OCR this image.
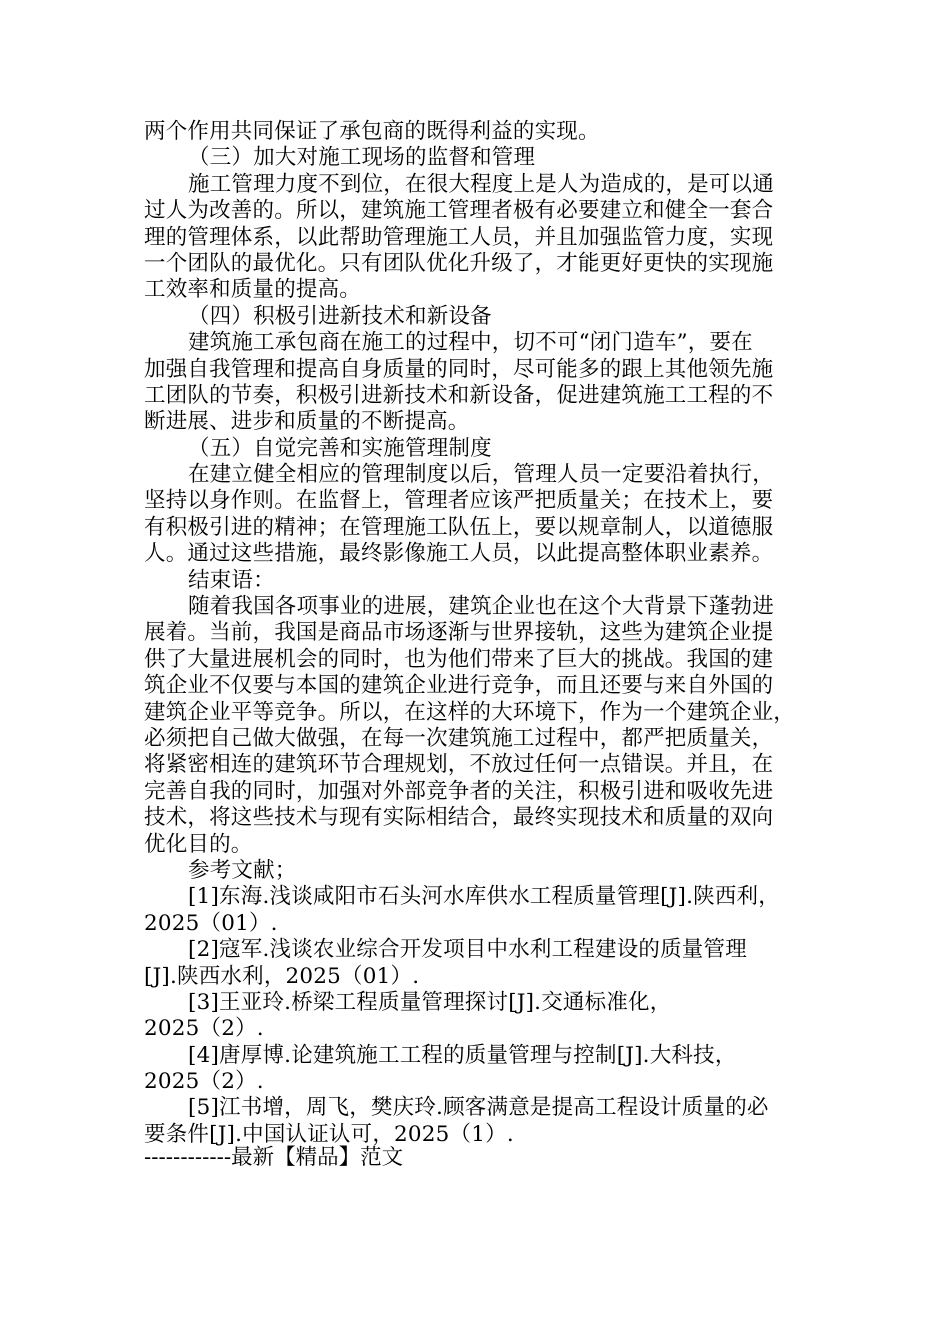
两个作用共同保证了承包商的既得利益的实现。
（三）加大对施工现场的监督和管理
施工管理力度不到位，在很大程度上是人为造成的，是可以通
过人为改善的。所以，建筑施工管理者极有必要建立和健全一套合
理的管理体系，以此帮助管理施工人员，并且加强监管力度，实现
一个团队的最优化。只有团队优化升级了，才能更好更快的实现施
工效率和质量的提高。
（四）积极引进新技术和新设备
建筑施工承包商在施工的过程中，切不可“闭门造车”，要在
加强自我管理和提高自身质量的同时，尽可能多的跟上其他领先施
工团队的节奏，积极引进新技术和新设备，促进建筑施工工程的不
断进展、进步和质量的不断提高。
（五）自觉完善和实施管理制度
在建立健全相应的管理制度以后，管理人员一定要沿着执行，
坚持以身作则。在监督上，管理者应该严把质量关；在技术上，要
有积极引进的精神；在管理施工队伍上，要以规章制人，以道德服
人。通过这些措施，最终影像施工人员，以此提高整体职业素养。
结束语：
随着我国各项事业的进展，建筑企业也在这个大背景下蓬勃进
展着。当前，我国是商品市场逐渐与世界接轨，这些为建筑企业提
供了大量进展机会的同时，也为他们带来了巨大的挑战。我国的建
筑企业不仅要与本国的建筑企业进行竞争，而且还要与来自外国的
建筑企业平等竞争。所以，在这样的大环境下，作为一个建筑企业，
必须把自己做大做强，在每一次建筑施工过程中，都严把质量关，
将紧密相连的建筑环节合理规划，不放过任何一点错误。并且，在
完善自我的同时，加强对外部竞争者的关注，积极引进和吸收先进
技术，将这些技术与现有实际相结合，最终实现技术和质量的双向
优化目的。
参考文献；
[1]东海.浅谈咸阳市石头河水库供水工程质量管理[J].陕西利，
2025（01）.
[2]寇军.浅谈农业综合开发项目中水利工程建设的质量管理
[J].陕西水利，2025（01）.
[3]王亚玲.桥梁工程质量管理探讨[J].交通标准化，
2025（2）.
[4]唐厚博.论建筑施工工程的质量管理与控制[J].大科技，
2025（2）.
[5]江书增，周飞，樊庆玲.顾客满意是提高工程设计质量的必
要条件[J].中国认证认可，2025（1）.
------------最新【精品】范文
